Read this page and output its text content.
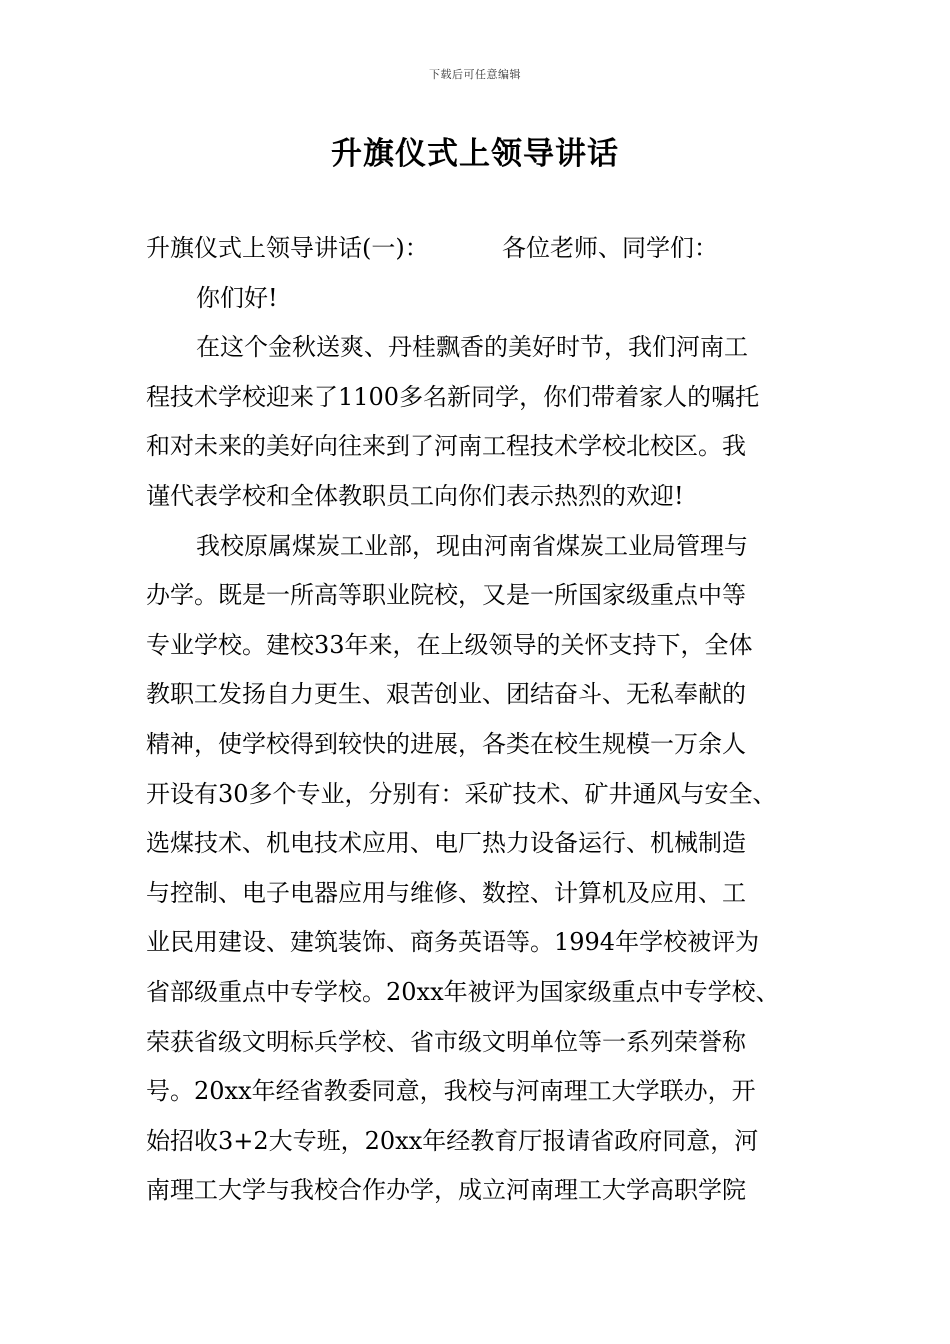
下载后可任意编辑
升旗仪式上领导讲话
升旗仪式上领导讲话(一)：	各位老师、同学们：
你们好!
在这个金秋送爽、丹桂飘香的美好时节，我们河南工
程技术学校迎来了1100多名新同学，你们带着家人的嘱托
和对未来的美好向往来到了河南工程技术学校北校区。我
谨代表学校和全体教职员工向你们表示热烈的欢迎!
我校原属煤炭工业部，现由河南省煤炭工业局管理与
办学。既是一所高等职业院校，又是一所国家级重点中等
专业学校。建校33年来，在上级领导的关怀支持下，全体
教职工发扬自力更生、艰苦创业、团结奋斗、无私奉献的
精神，使学校得到较快的进展，各类在校生规模一万余人
开设有30多个专业，分别有：采矿技术、矿井通风与安全、
选煤技术、机电技术应用、电厂热力设备运行、机械制造
与控制、电子电器应用与维修、数控、计算机及应用、工
业民用建设、建筑装饰、商务英语等。1994年学校被评为
省部级重点中专学校。20xx年被评为国家级重点中专学校、
荣获省级文明标兵学校、省市级文明单位等一系列荣誉称
号。20xx年经省教委同意，我校与河南理工大学联办，开
始招收3+2大专班，20xx年经教育厅报请省政府同意，河
南理工大学与我校合作办学，成立河南理工大学高职学院
